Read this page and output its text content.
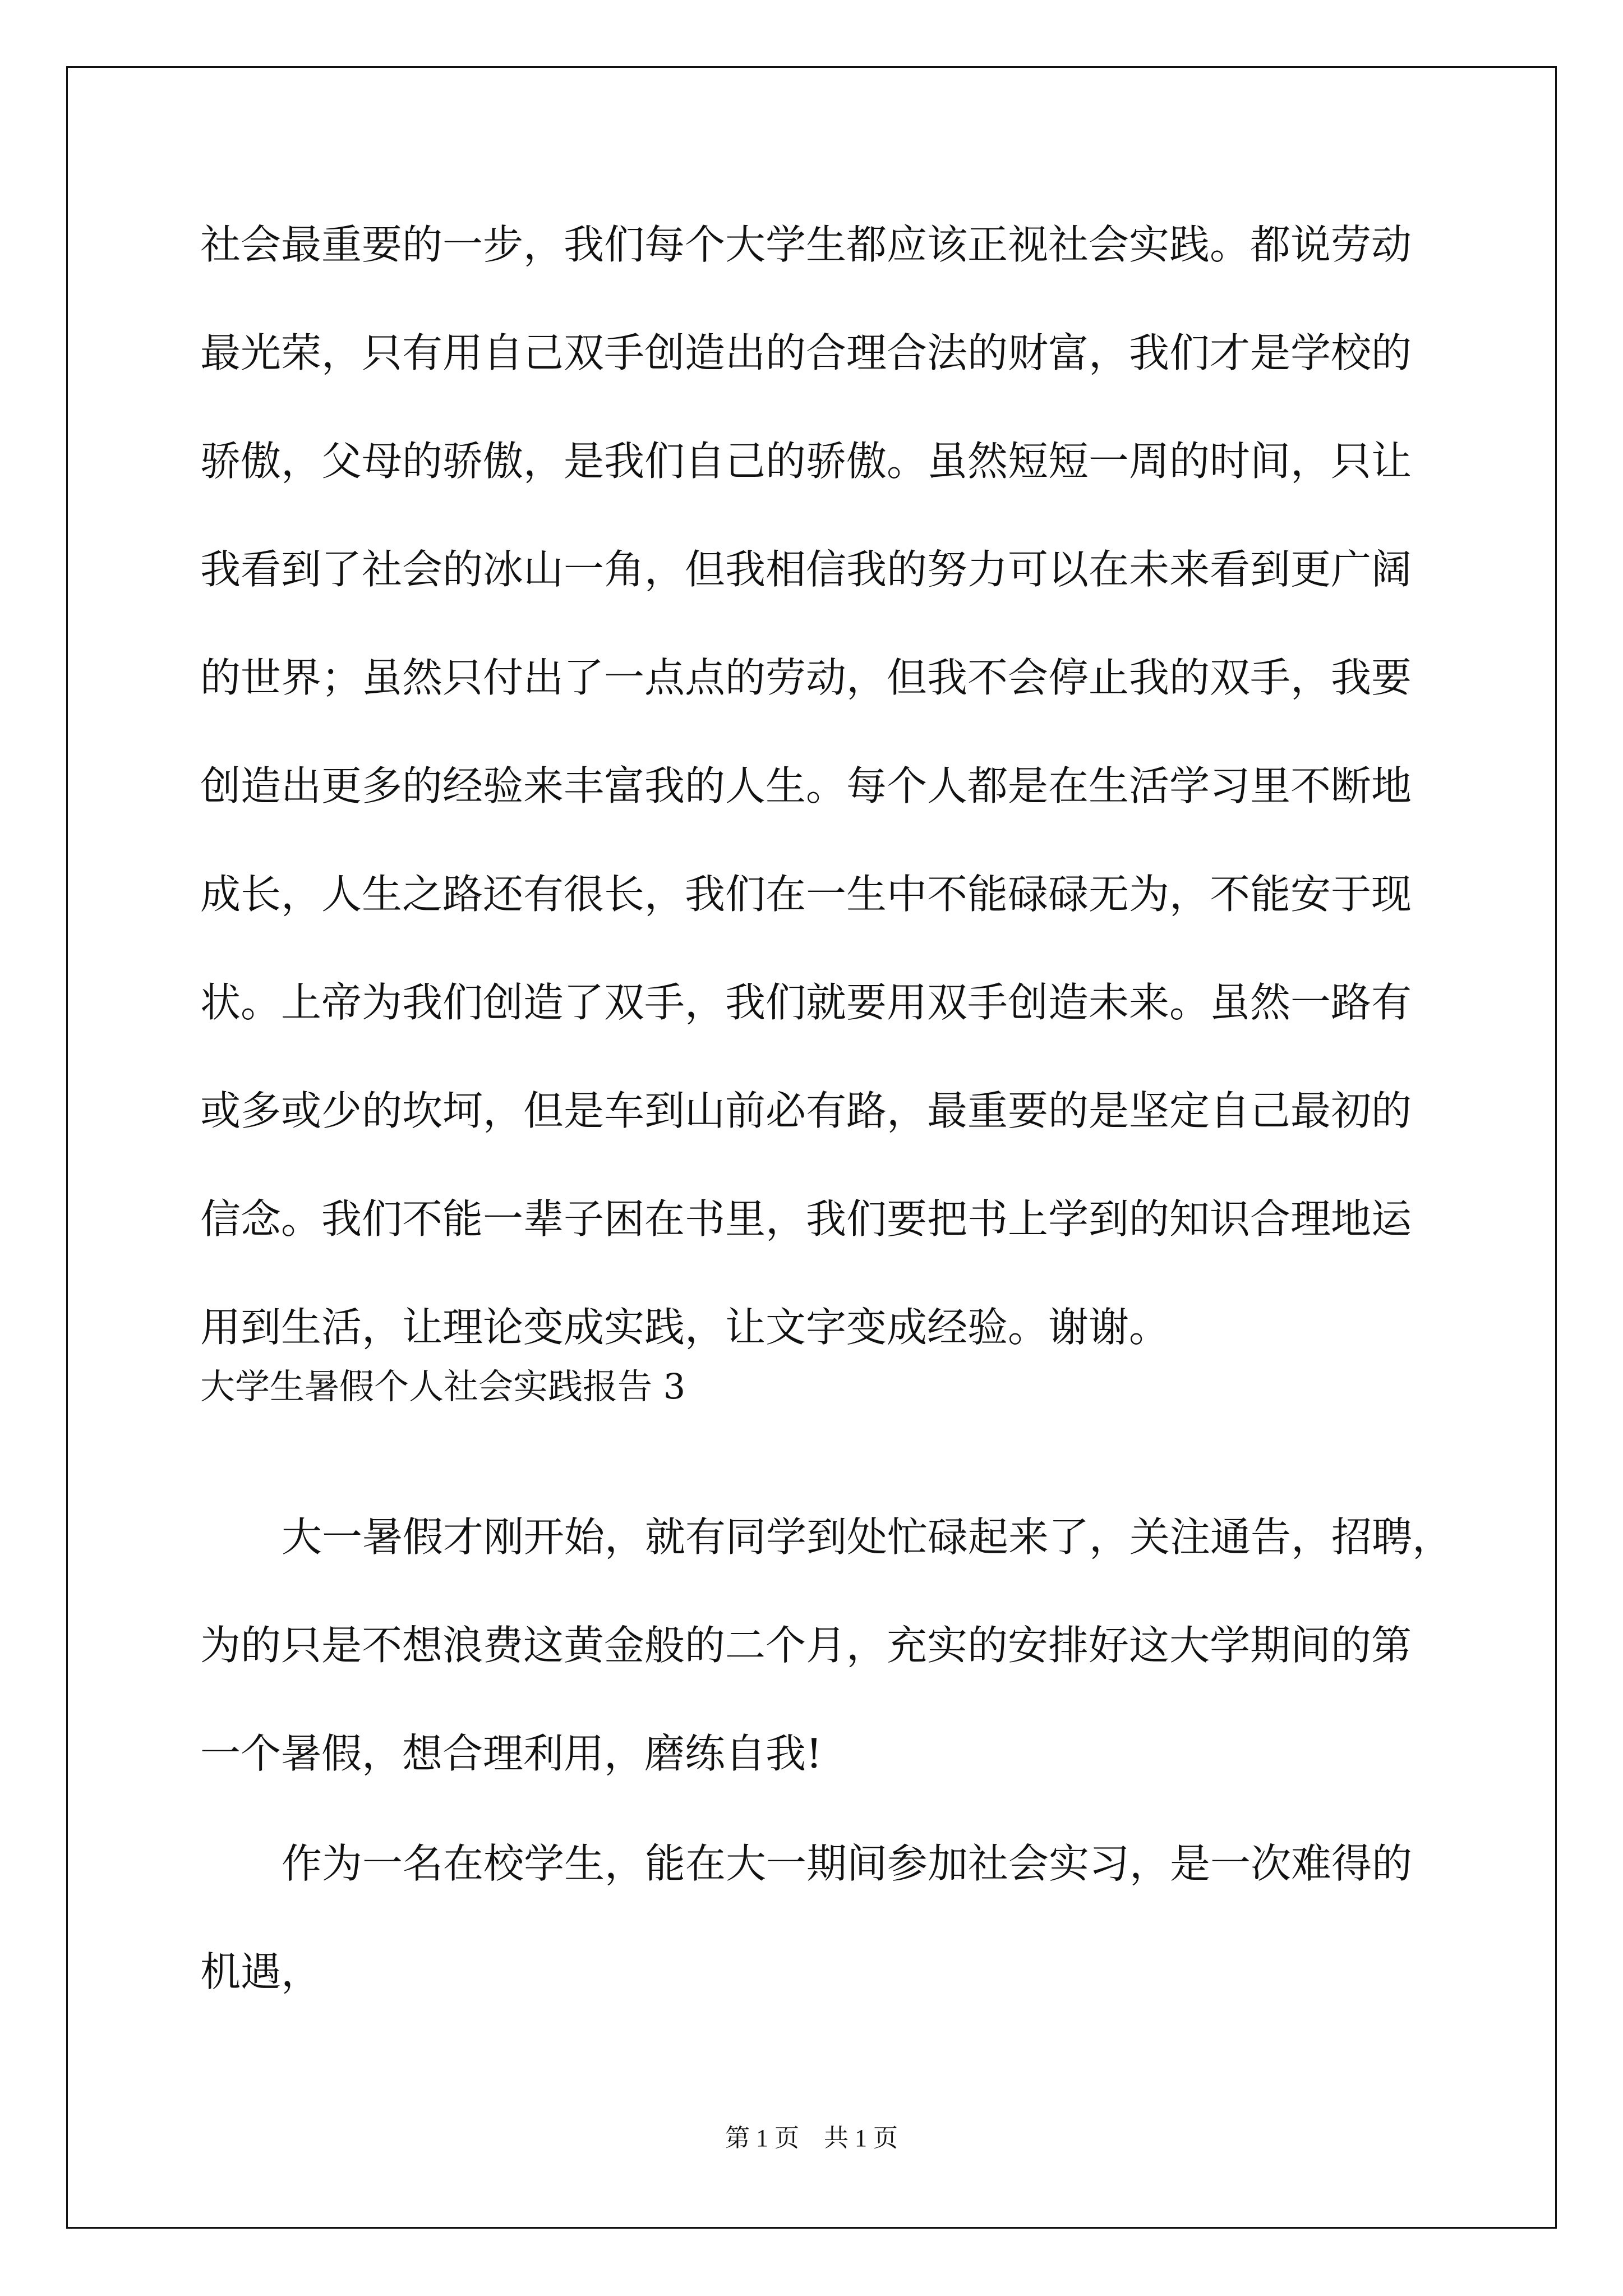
社会最重要的一步，我们每个大学生都应该正视社会实践。都说劳动
最光荣，只有用自己双手创造出的合理合法的财富，我们才是学校的
骄傲，父母的骄傲，是我们自己的骄傲。虽然短短一周的时间，只让
我看到了社会的冰山一角，但我相信我的努力可以在未来看到更广阔
的世界；虽然只付出了一点点的劳动，但我不会停止我的双手，我要
创造出更多的经验来丰富我的人生。每个人都是在生活学习里不断地
成长，人生之路还有很长，我们在一生中不能碌碌无为，不能安于现
状。上帝为我们创造了双手，我们就要用双手创造未来。虽然一路有
或多或少的坎坷，但是车到山前必有路，最重要的是坚定自己最初的
信念。我们不能一辈子困在书里，我们要把书上学到的知识合理地运
用到生活，让理论变成实践，让文字变成经验。谢谢。
大学生暑假个人社会实践报告 3
大一暑假才刚开始，就有同学到处忙碌起来了，关注通告，招聘，
为的只是不想浪费这黄金般的二个月，充实的安排好这大学期间的第
一个暑假，想合理利用，磨练自我!
作为一名在校学生，能在大一期间参加社会实习，是一次难得的
机遇，
第 1 页　共 1 页
